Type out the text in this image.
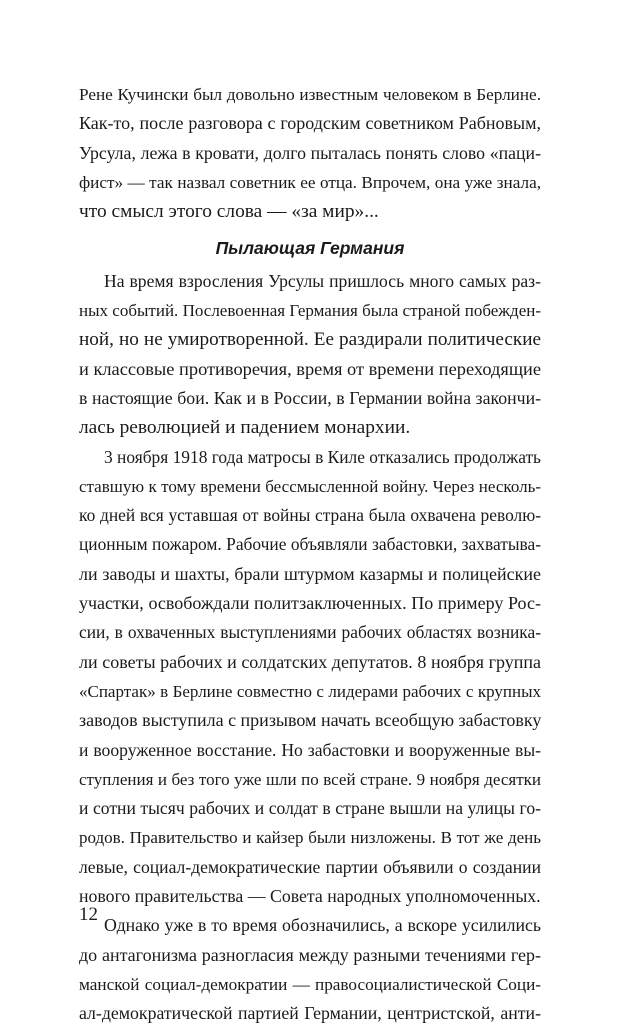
Рене Кучински был довольно известным человеком в Берлине.
Как-то, после разговора с городским советником Рабновым,
Урсула, лежа в кровати, долго пыталась понять слово «паци-
фист» — так назвал советник ее отца. Впрочем, она уже знала,
что смысл этого слова — «за мир»...
Пылающая Германия
На время взросления Урсулы пришлось много самых раз-
ных событий. Послевоенная Германия была страной побежден-
ной, но не умиротворенной. Ее раздирали политические
и классовые противоречия, время от времени переходящие
в настоящие бои. Как и в России, в Германии война закончи-
лась революцией и падением монархии.
3 ноября 1918 года матросы в Киле отказались продолжать
ставшую к тому времени бессмысленной войну. Через несколь-
ко дней вся уставшая от войны страна была охвачена револю-
ционным пожаром. Рабочие объявляли забастовки, захватыва-
ли заводы и шахты, брали штурмом казармы и полицейские
участки, освобождали политзаключенных. По примеру Рос-
сии, в охваченных выступлениями рабочих областях возника-
ли советы рабочих и солдатских депутатов. 8 ноября группа
«Спартак» в Берлине совместно с лидерами рабочих с крупных
заводов выступила с призывом начать всеобщую забастовку
и вооруженное восстание. Но забастовки и вооруженные вы-
ступления и без того уже шли по всей стране. 9 ноября десятки
и сотни тысяч рабочих и солдат в стране вышли на улицы го-
родов. Правительство и кайзер были низложены. В тот же день
левые, социал-демократические партии объявили о создании
нового правительства — Совета народных уполномоченных.
Однако уже в то время обозначились, а вскоре усилились
до антагонизма разногласия между разными течениями гер-
манской социал-демократии — правосоциалистической Соци-
ал-демократической партией Германии, центристской, анти-
12
